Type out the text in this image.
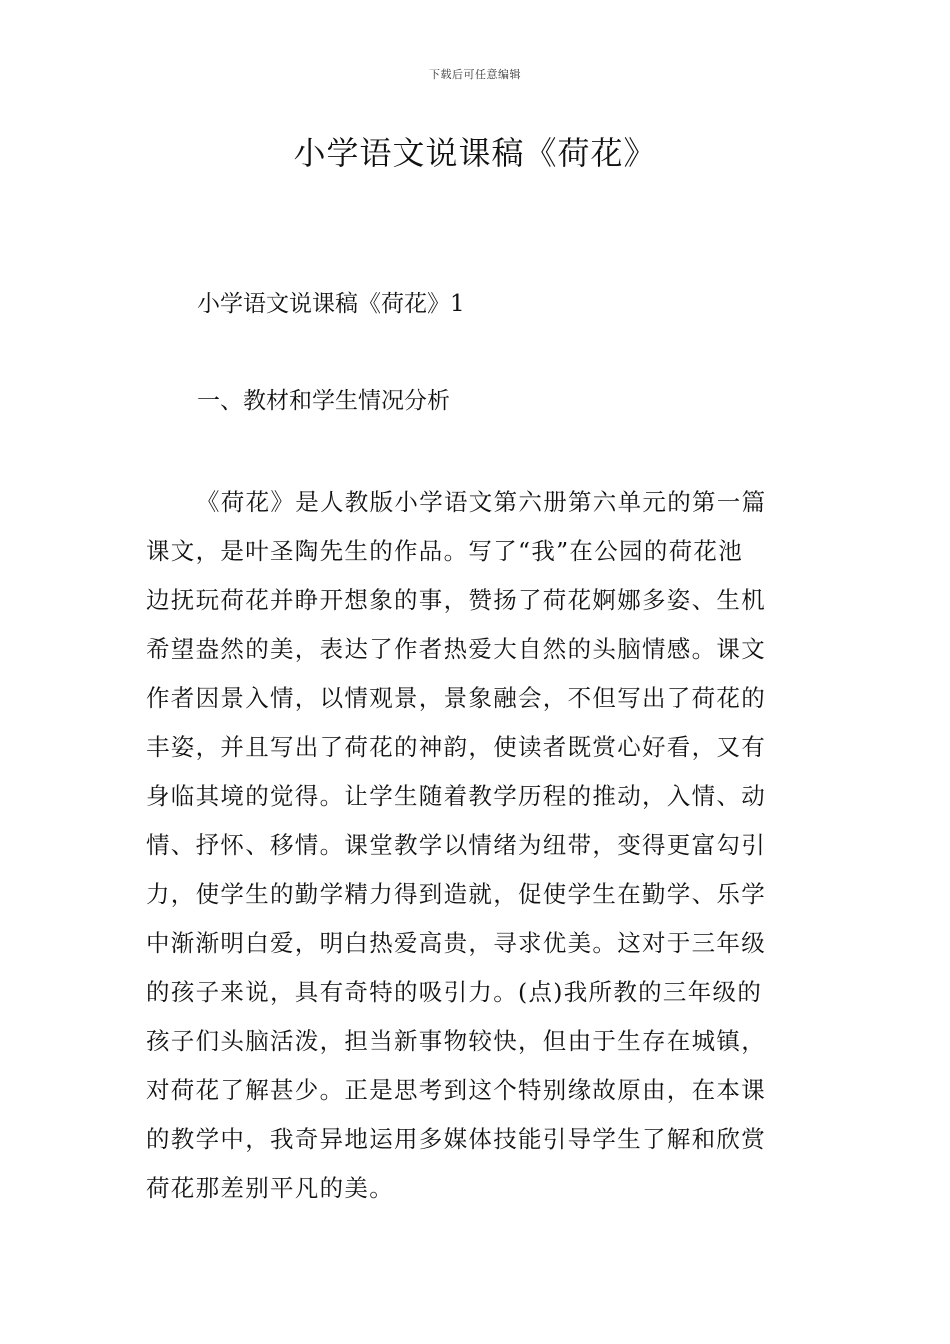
下载后可任意编辑
小学语文说课稿《荷花》

小学语文说课稿《荷花》1

一、教材和学生情况分析

《荷花》是人教版小学语文第六册第六单元的第一篇
课文，是叶圣陶先生的作品。写了“我”在公园的荷花池
边抚玩荷花并睁开想象的事，赞扬了荷花婀娜多姿、生机
希望盎然的美，表达了作者热爱大自然的头脑情感。课文
作者因景入情，以情观景，景象融会，不但写出了荷花的
丰姿，并且写出了荷花的神韵，使读者既赏心好看，又有
身临其境的觉得。让学生随着教学历程的推动，入情、动
情、抒怀、移情。课堂教学以情绪为纽带，变得更富勾引
力，使学生的勤学精力得到造就，促使学生在勤学、乐学
中渐渐明白爱，明白热爱高贵，寻求优美。这对于三年级
的孩子来说，具有奇特的吸引力。(点)我所教的三年级的
孩子们头脑活泼，担当新事物较快，但由于生存在城镇，
对荷花了解甚少。正是思考到这个特别缘故原由，在本课
的教学中，我奇异地运用多媒体技能引导学生了解和欣赏
荷花那差别平凡的美。
